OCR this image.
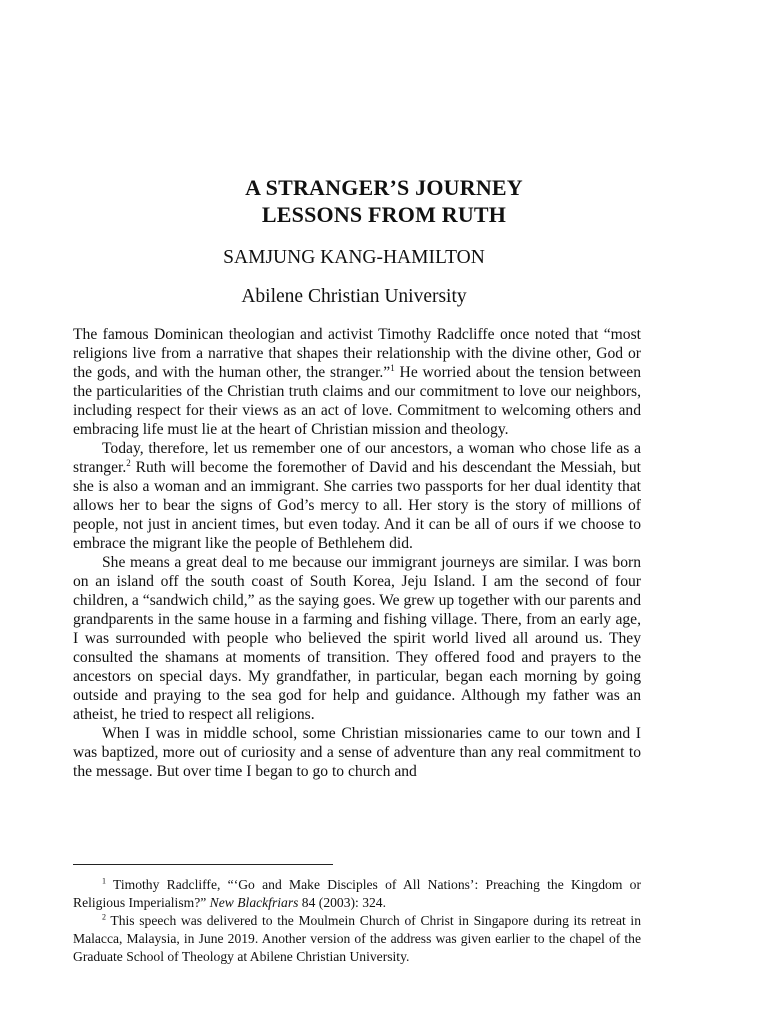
A STRANGER’S JOURNEY
LESSONS FROM RUTH
SAMJUNG KANG-HAMILTON
Abilene Christian University

The famous Dominican theologian and activist Timothy Radcliffe once noted that “most religions live from a narrative that shapes their relationship with the divine other, God or the gods, and with the human other, the stranger.”$^1$ He worried about the tension between the particularities of the Christian truth claims and our commitment to love our neighbors, including respect for their views as an act of love. Commitment to welcoming others and embracing life must lie at the heart of Christian mission and theology.

Today, therefore, let us remember one of our ancestors, a woman who chose life as a stranger.$^2$ Ruth will become the foremother of David and his descendant the Messiah, but she is also a woman and an immigrant. She carries two passports for her dual identity that allows her to bear the signs of God’s mercy to all. Her story is the story of millions of people, not just in ancient times, but even today. And it can be all of ours if we choose to embrace the migrant like the people of Bethlehem did.

She means a great deal to me because our immigrant journeys are similar. I was born on an island off the south coast of South Korea, Jeju Island. I am the second of four children, a “sandwich child,” as the saying goes. We grew up together with our parents and grandparents in the same house in a farming and fishing village. There, from an early age, I was surrounded with people who believed the spirit world lived all around us. They consulted the shamans at moments of transition. They offered food and prayers to the ancestors on special days. My grandfather, in particular, began each morning by going outside and praying to the sea god for help and guidance. Although my father was an atheist, he tried to respect all religions.

When I was in middle school, some Christian missionaries came to our town and I was baptized, more out of curiosity and a sense of adventure than any real commitment to the message. But over time I began to go to church and

$^1$ Timothy Radcliffe, “‘Go and Make Disciples of All Nations’: Preaching the Kingdom or Religious Imperialism?” New Blackfriars 84 (2003): 324.

$^2$ This speech was delivered to the Moulmein Church of Christ in Singapore during its retreat in Malacca, Malaysia, in June 2019. Another version of the address was given earlier to the chapel of the Graduate School of Theology at Abilene Christian University.
